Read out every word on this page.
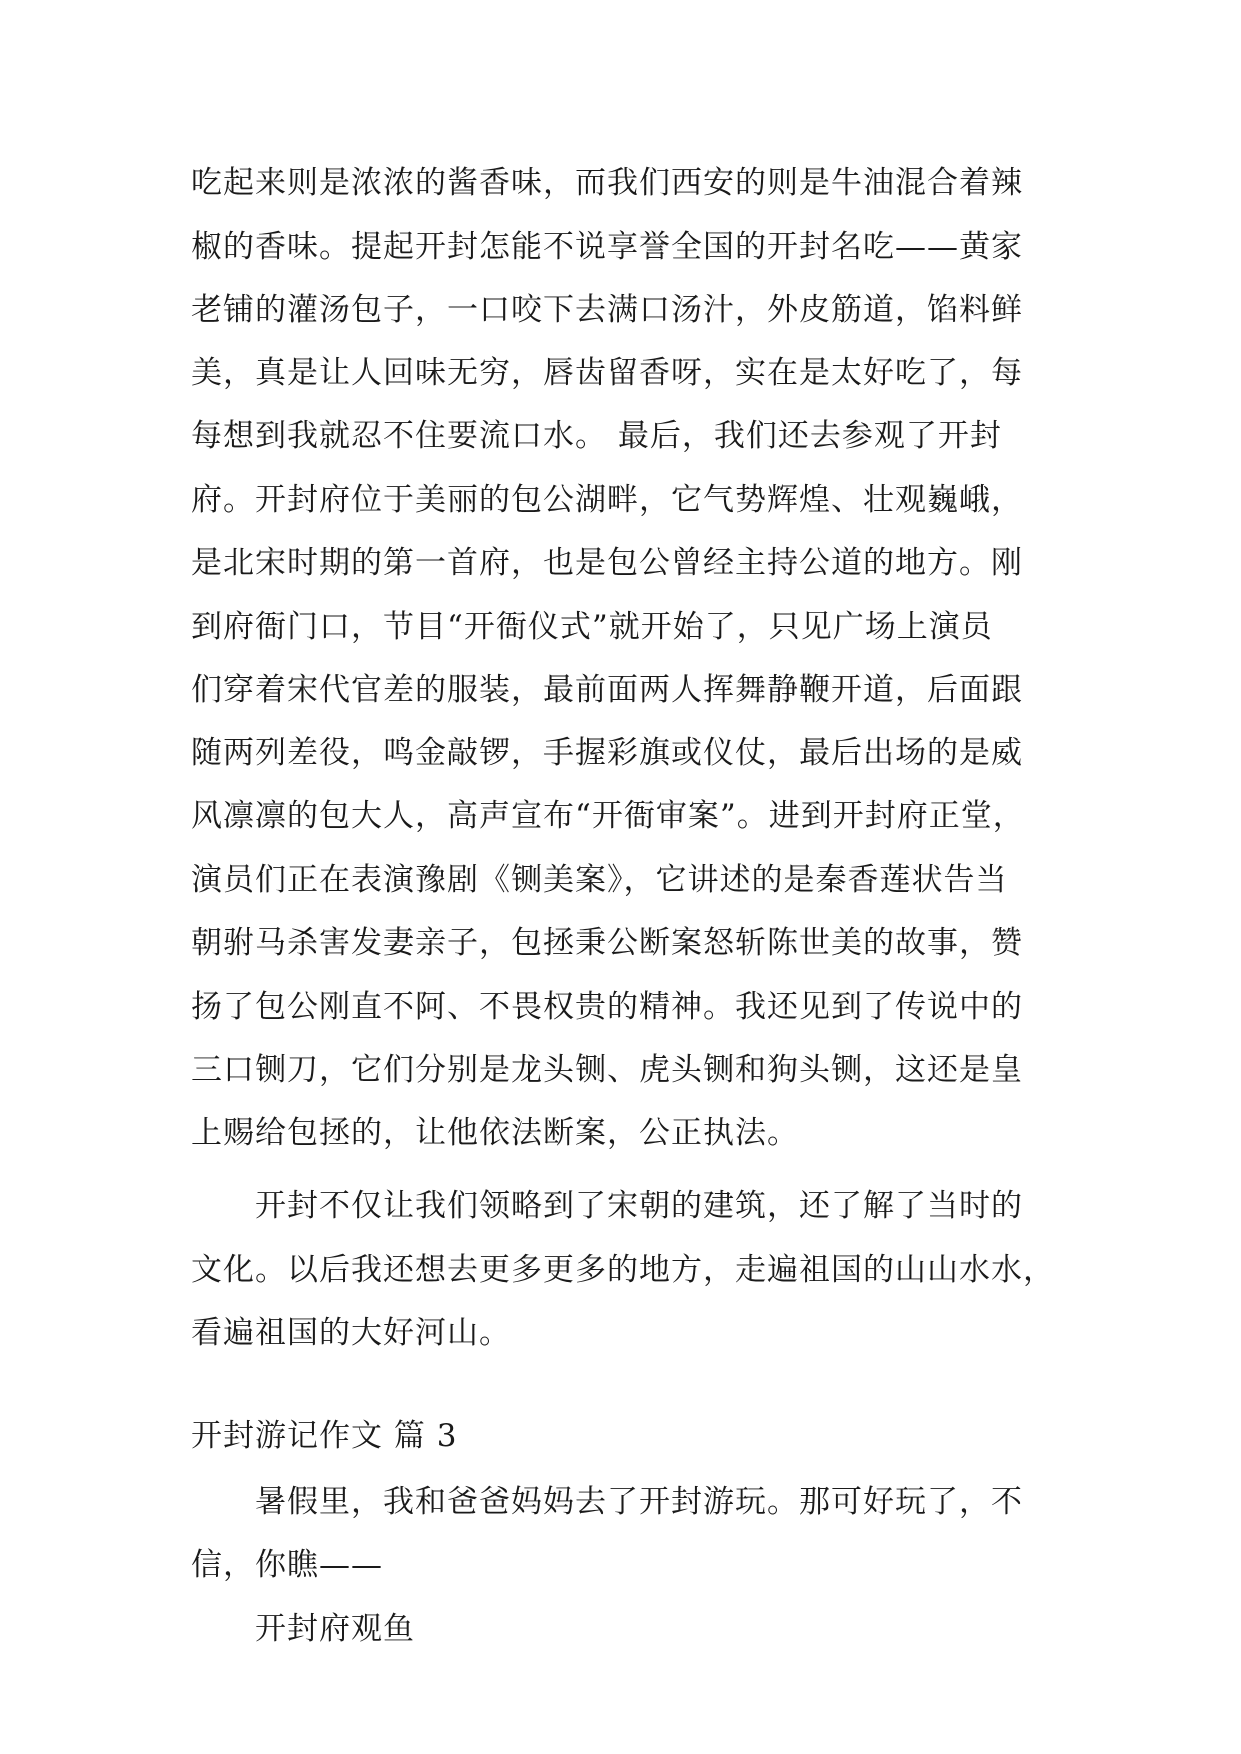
吃起来则是浓浓的酱香味，而我们西安的则是牛油混合着辣
椒的香味。提起开封怎能不说享誉全国的开封名吃——黄家
老铺的灌汤包子，一口咬下去满口汤汁，外皮筋道，馅料鲜
美，真是让人回味无穷，唇齿留香呀，实在是太好吃了，每
每想到我就忍不住要流口水。 最后，我们还去参观了开封
府。开封府位于美丽的包公湖畔，它气势辉煌、壮观巍峨，
是北宋时期的第一首府，也是包公曾经主持公道的地方。刚
到府衙门口，节目“开衙仪式”就开始了，只见广场上演员
们穿着宋代官差的服装，最前面两人挥舞静鞭开道，后面跟
随两列差役，鸣金敲锣，手握彩旗或仪仗，最后出场的是威
风凛凛的包大人，高声宣布“开衙审案”。进到开封府正堂，
演员们正在表演豫剧《铡美案》，它讲述的是秦香莲状告当
朝驸马杀害发妻亲子，包拯秉公断案怒斩陈世美的故事，赞
扬了包公刚直不阿、不畏权贵的精神。我还见到了传说中的
三口铡刀，它们分别是龙头铡、虎头铡和狗头铡，这还是皇
上赐给包拯的，让他依法断案，公正执法。
　　开封不仅让我们领略到了宋朝的建筑，还了解了当时的
文化。以后我还想去更多更多的地方，走遍祖国的山山水水，
看遍祖国的大好河山。
开封游记作文 篇 3
　　暑假里，我和爸爸妈妈去了开封游玩。那可好玩了，不
信，你瞧——
　　开封府观鱼
